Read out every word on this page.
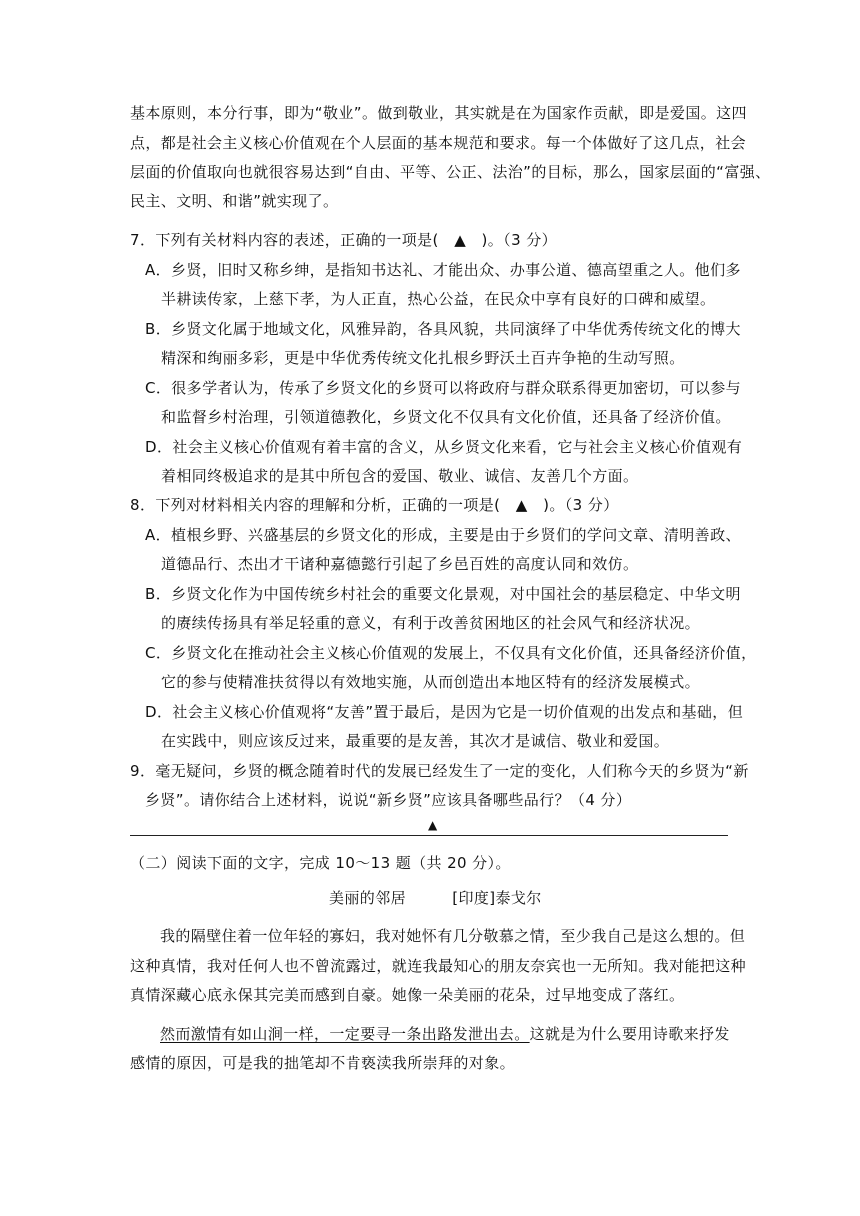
基本原则，本分行事，即为“敬业”。做到敬业，其实就是在为国家作贡献，即是爱国。这四
点，都是社会主义核心价值观在个人层面的基本规范和要求。每一个体做好了这几点，社会
层面的价值取向也就很容易达到“自由、平等、公正、法治”的目标，那么，国家层面的“富强、
民主、文明、和谐”就实现了。
7．下列有关材料内容的表述，正确的一项是(　▲　)。（3 分）
A．乡贤，旧时又称乡绅，是指知书达礼、才能出众、办事公道、德高望重之人。他们多
半耕读传家，上慈下孝，为人正直，热心公益，在民众中享有良好的口碑和威望。
B．乡贤文化属于地域文化，风雅异韵，各具风貌，共同演绎了中华优秀传统文化的博大
精深和绚丽多彩，更是中华优秀传统文化扎根乡野沃土百卉争艳的生动写照。
C．很多学者认为，传承了乡贤文化的乡贤可以将政府与群众联系得更加密切，可以参与
和监督乡村治理，引领道德教化，乡贤文化不仅具有文化价值，还具备了经济价值。
D．社会主义核心价值观有着丰富的含义，从乡贤文化来看，它与社会主义核心价值观有
着相同终极追求的是其中所包含的爱国、敬业、诚信、友善几个方面。
8．下列对材料相关内容的理解和分析，正确的一项是(　▲　)。（3 分）
A．植根乡野、兴盛基层的乡贤文化的形成，主要是由于乡贤们的学问文章、清明善政、
道德品行、杰出才干诸种嘉德懿行引起了乡邑百姓的高度认同和效仿。
B．乡贤文化作为中国传统乡村社会的重要文化景观，对中国社会的基层稳定、中华文明
的赓续传扬具有举足轻重的意义，有利于改善贫困地区的社会风气和经济状况。
C．乡贤文化在推动社会主义核心价值观的发展上，不仅具有文化价值，还具备经济价值，
它的参与使精准扶贫得以有效地实施，从而创造出本地区特有的经济发展模式。
D．社会主义核心价值观将“友善”置于最后，是因为它是一切价值观的出发点和基础，但
在实践中，则应该反过来，最重要的是友善，其次才是诚信、敬业和爱国。
9．毫无疑问，乡贤的概念随着时代的发展已经发生了一定的变化，人们称今天的乡贤为“新
乡贤”。请你结合上述材料，说说“新乡贤”应该具备哪些品行？（4 分）
▲
（二）阅读下面的文字，完成 10～13 题（共 20 分）。
美丽的邻居　　　[印度]泰戈尔
我的隔壁住着一位年轻的寡妇，我对她怀有几分敬慕之情，至少我自己是这么想的。但
这种真情，我对任何人也不曾流露过，就连我最知心的朋友奈宾也一无所知。我对能把这种
真情深藏心底永保其完美而感到自豪。她像一朵美丽的花朵，过早地变成了落红。
然而激情有如山涧一样，一定要寻一条出路发泄出去。这就是为什么要用诗歌来抒发
感情的原因，可是我的拙笔却不肯亵渎我所崇拜的对象。
